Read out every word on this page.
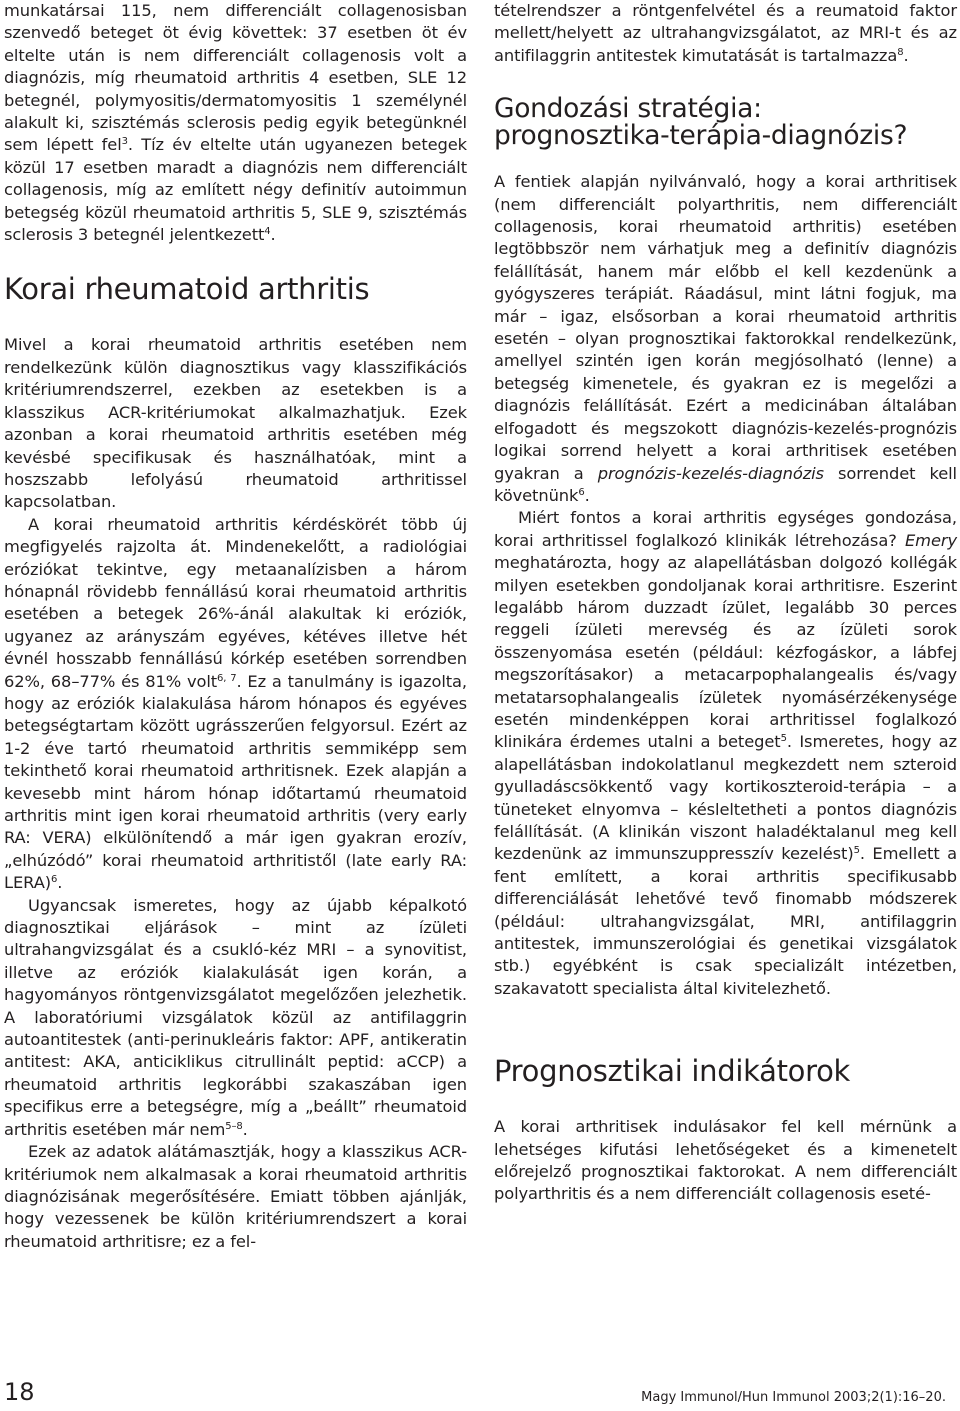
munkatársai 115, nem differenciált collagenosisban szenvedő beteget öt évig követtek: 37 esetben öt év eltelte után is nem differenciált collagenosis volt a diagnózis, míg rheumatoid arthritis 4 esetben, SLE 12 betegnél, polymyositis/dermatomyositis 1 személynél alakult ki, szisztémás sclerosis pedig egyik betegünknél sem lépett fel$^3$. Tíz év eltelte után ugyanezen betegek közül 17 esetben maradt a diagnózis nem differenciált collagenosis, míg az említett négy definitív autoimmun betegség közül rheumatoid arthritis 5, SLE 9, szisztémás sclerosis 3 betegnél jelentkezett$^4$.

Korai rheumatoid arthritis

Mivel a korai rheumatoid arthritis esetében nem rendelkezünk külön diagnosztikus vagy klasszifikációs kritériumrendszerrel, ezekben az esetekben is a klasszikus ACR-kritériumokat alkalmazhatjuk. Ezek azonban a korai rheumatoid arthritis esetében még kevésbé specifikusak és használhatóak, mint a hoszszabb lefolyású rheumatoid arthritissel kapcsolatban.

A korai rheumatoid arthritis kérdéskörét több új megfigyelés rajzolta át. Mindenekelőtt, a radiológiai eróziókat tekintve, egy metaanalízisben a három hónapnál rövidebb fennállású korai rheumatoid arthritis esetében a betegek 26%-ánál alakultak ki eróziók, ugyanez az arányszám egyéves, kétéves illetve hét évnél hosszabb fennállású kórkép esetében sorrendben 62%, 68–77% és 81% volt$^{6, 7}$. Ez a tanulmány is igazolta, hogy az eróziók kialakulása három hónapos és egyéves betegségtartam között ugrásszerűen felgyorsul. Ezért az 1-2 éve tartó rheumatoid arthritis semmiképp sem tekinthető korai rheumatoid arthritisnek. Ezek alapján a kevesebb mint három hónap időtartamú rheumatoid arthritis mint igen korai rheumatoid arthritis (very early RA: VERA) elkülönítendő a már igen gyakran erozív, „elhúzódó” korai rheumatoid arthritistől (late early RA: LERA)$^6$.

Ugyancsak ismeretes, hogy az újabb képalkotó diagnosztikai eljárások – mint az ízületi ultrahangvizsgálat és a csukló-kéz MRI – a synovitist, illetve az eróziók kialakulását igen korán, a hagyományos röntgenvizsgálatot megelőzően jelezhetik. A laboratóriumi vizsgálatok közül az antifilaggrin autoantitestek (anti-perinukleáris faktor: APF, antikeratin antitest: AKA, anticiklikus citrullinált peptid: aCCP) a rheumatoid arthritis legkorábbi szakaszában igen specifikus erre a betegségre, míg a „beállt” rheumatoid arthritis esetében már nem$^{5-8}$.

Ezek az adatok alátámasztják, hogy a klasszikus ACR-kritériumok nem alkalmasak a korai rheumatoid arthritis diagnózisának megerősítésére. Emiatt többen ajánlják, hogy vezessenek be külön kritériumrendszert a korai rheumatoid arthritisre; ez a fel-

tételrendszer a röntgenfelvétel és a reumatoid faktor mellett/helyett az ultrahangvizsgálatot, az MRI-t és az antifilaggrin antitestek kimutatását is tartalmazza$^8$.

Gondozási stratégia:
prognosztika-terápia-diagnózis?

A fentiek alapján nyilvánvaló, hogy a korai arthritisek (nem differenciált polyarthritis, nem differenciált collagenosis, korai rheumatoid arthritis) esetében legtöbbször nem várhatjuk meg a definitív diagnózis felállítását, hanem már előbb el kell kezdenünk a gyógyszeres terápiát. Ráadásul, mint látni fogjuk, ma már – igaz, elsősorban a korai rheumatoid arthritis esetén – olyan prognosztikai faktorokkal rendelkezünk, amellyel szintén igen korán megjósolható (lenne) a betegség kimenetele, és gyakran ez is megelőzi a diagnózis felállítását. Ezért a medicinában általában elfogadott és megszokott diagnózis-kezelés-prognózis logikai sorrend helyett a korai arthritisek esetében gyakran a prognózis-kezelés-diagnózis sorrendet kell követnünk$^6$.

Miért fontos a korai arthritis egységes gondozása, korai arthritissel foglalkozó klinikák létrehozása? Emery meghatározta, hogy az alapellátásban dolgozó kollégák milyen esetekben gondoljanak korai arthritisre. Eszerint legalább három duzzadt ízület, legalább 30 perces reggeli ízületi merevség és az ízületi sorok összenyomása esetén (például: kézfogáskor, a lábfej megszorításakor) a metacarpophalangealis és/vagy metatarsophalangealis ízületek nyomásérzékenysége esetén mindenképpen korai arthritissel foglalkozó klinikára érdemes utalni a beteget$^5$. Ismeretes, hogy az alapellátásban indokolatlanul megkezdett nem szteroid gyulladáscsökkentő vagy kortikoszteroid-terápia – a tüneteket elnyomva – késleltetheti a pontos diagnózis felállítását. (A klinikán viszont haladéktalanul meg kell kezdenünk az immunszuppresszív kezelést)$^5$. Emellett a fent említett, a korai arthritis specifikusabb differenciálását lehetővé tevő finomabb módszerek (például: ultrahangvizsgálat, MRI, antifilaggrin antitestek, immunszerológiai és genetikai vizsgálatok stb.) egyébként is csak specializált intézetben, szakavatott specialista által kivitelezhető.

Prognosztikai indikátorok

A korai arthritisek indulásakor fel kell mérnünk a lehetséges kifutási lehetőségeket és a kimenetelt előrejelző prognosztikai faktorokat. A nem differenciált polyarthritis és a nem differenciált collagenosis eseté-

18	Magy Immunol/Hun Immunol 2003;2(1):16–20.
